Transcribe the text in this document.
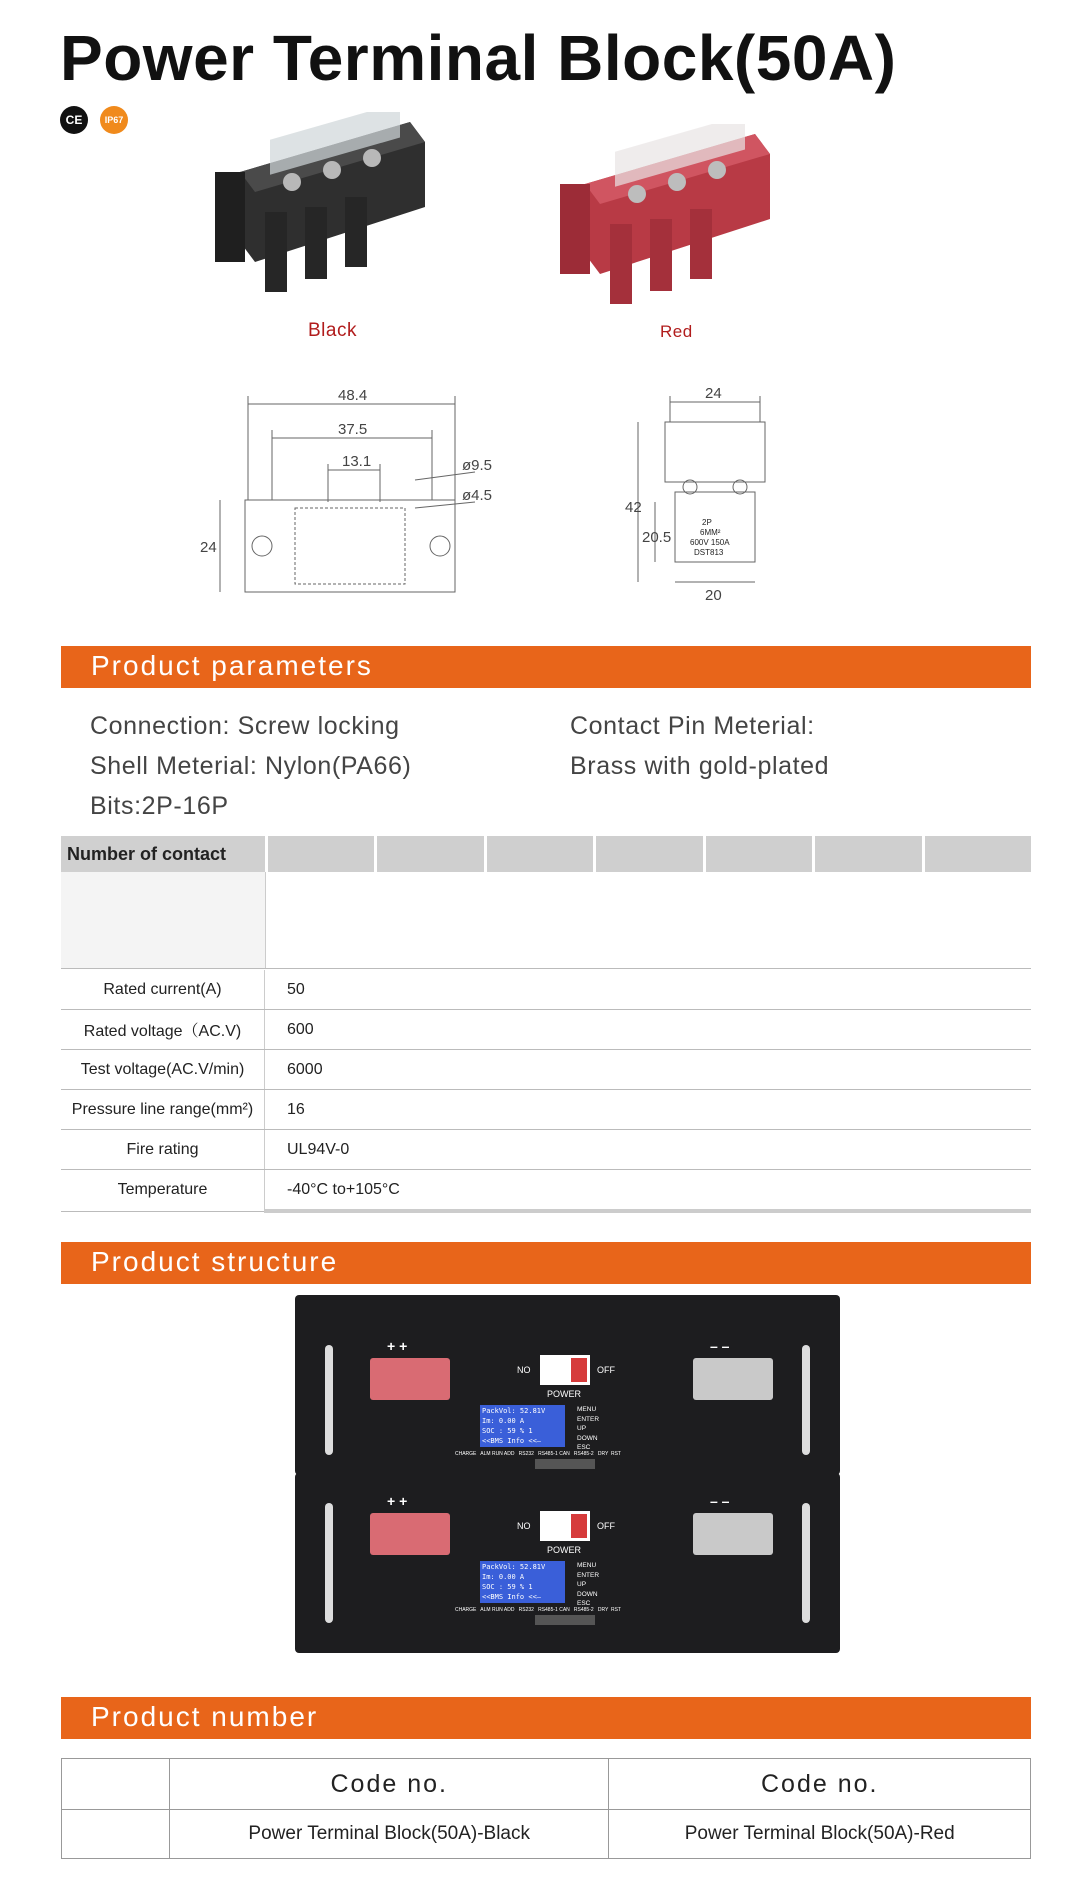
Power Terminal Block(50A)
CE	IP67
Black	Red
48.4
37.5
13.1	ø9.5
ø4.5
24
24
42
20.5
20
2P
6MM²
600V 150A
DST813
Product parameters
Connection: Screw locking
Shell Meterial: Nylon(PA66)
Bits:2P-16P
Contact Pin Meterial:
Brass with gold-plated
Number of contact
Rated current(A)	50
Rated voltage（AC.V)	600
Test voltage(AC.V/min)	6000
Pressure line range(mm²)	16
Fire rating	UL94V-0
Temperature	-40°C to+105°C
Product structure
+ +	– –
NO	OFF
POWER
PackVol: 52.81V
Im: 0.00 A
SOC : 59 % 1
<<BMS Info <<—
MENU
ENTER
UP
DOWN
ESC
CHARGE   ALM RUN ADD   RS232   RS485-1 CAN   RS485-2   DRY  RST
+ +	– –
NO	OFF
POWER
PackVol: 52.81V
Im: 0.00 A
SOC : 59 % 1
<<BMS Info <<—
MENU
ENTER
UP
DOWN
ESC
CHARGE   ALM RUN ADD   RS232   RS485-1 CAN   RS485-2   DRY  RST
Product number
	Code no.	Code no.
	Power Terminal Block(50A)-Black	Power Terminal Block(50A)-Red
